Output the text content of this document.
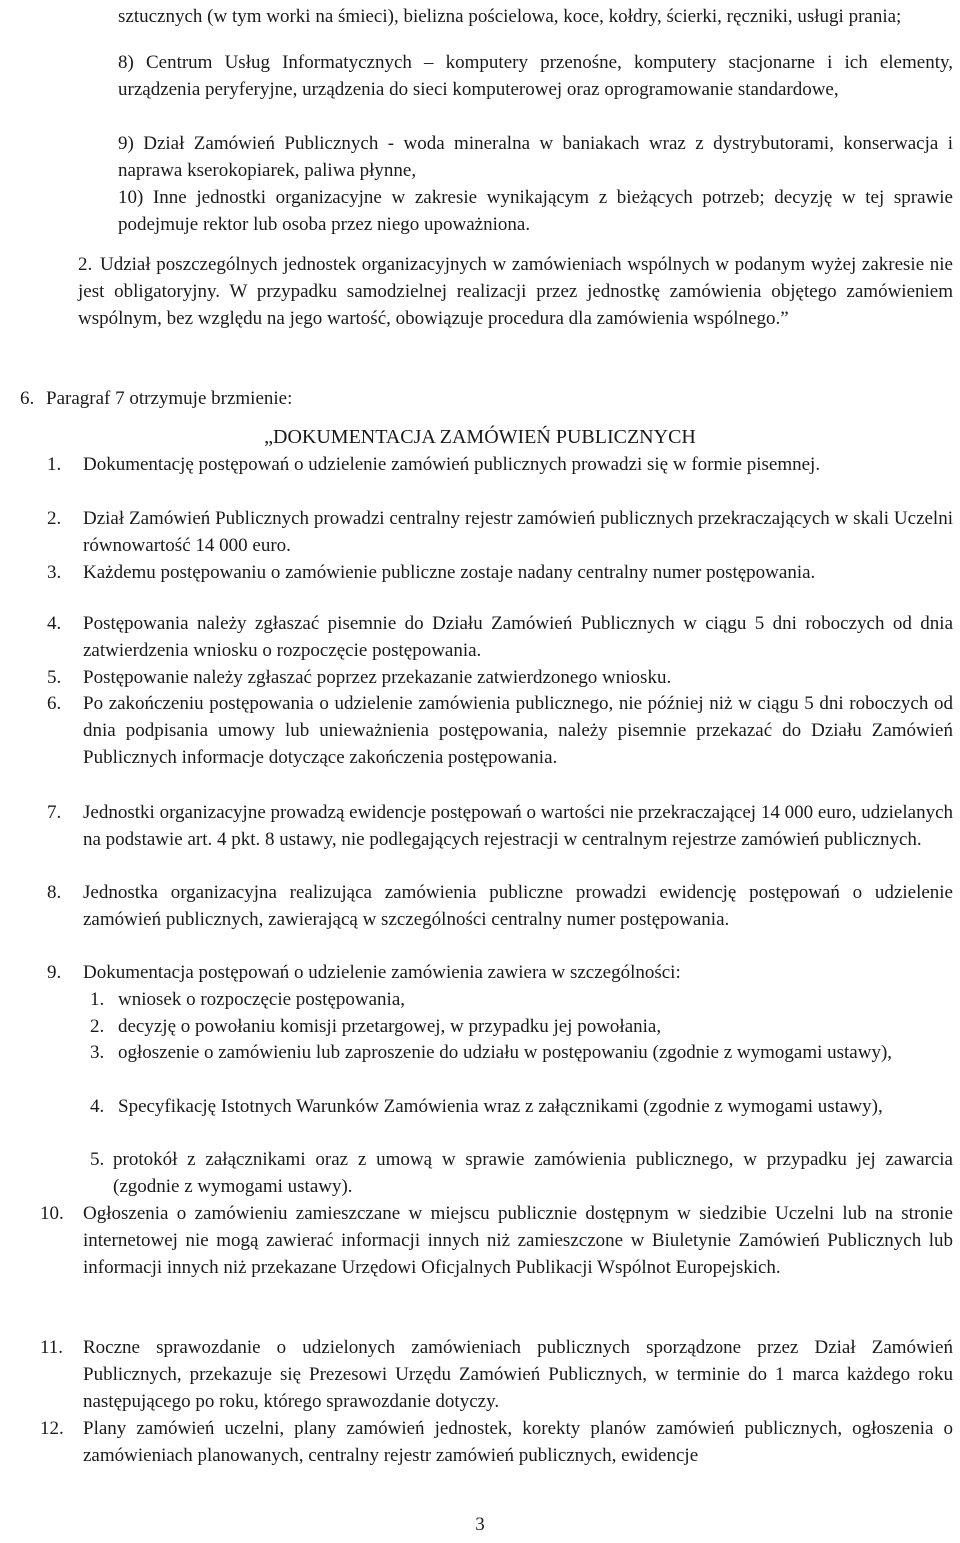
sztucznych (w tym worki na śmieci), bielizna pościelowa, koce, kołdry, ścierki, ręczniki, usługi prania;
8) Centrum Usług Informatycznych – komputery przenośne, komputery stacjonarne i ich elementy, urządzenia peryferyjne, urządzenia do sieci komputerowej oraz oprogramowanie standardowe,
9) Dział Zamówień Publicznych - woda mineralna w baniakach wraz z dystrybutorami, konserwacja i naprawa kserokopiarek, paliwa płynne,
10) Inne jednostki organizacyjne w zakresie wynikającym z bieżących potrzeb; decyzję w tej sprawie podejmuje rektor lub osoba przez niego upoważniona.
2. Udział poszczególnych jednostek organizacyjnych w zamówieniach wspólnych w podanym wyżej zakresie nie jest obligatoryjny. W przypadku samodzielnej realizacji przez jednostkę zamówienia objętego zamówieniem wspólnym, bez względu na jego wartość, obowiązuje procedura dla zamówienia wspólnego.”
6. Paragraf 7 otrzymuje brzmienie:
„DOKUMENTACJA ZAMÓWIEŃ PUBLICZNYCH
1. Dokumentację postępowań o udzielenie zamówień publicznych prowadzi się w formie pisemnej.
2. Dział Zamówień Publicznych prowadzi centralny rejestr zamówień publicznych przekraczających w skali Uczelni równowartość 14 000 euro.
3. Każdemu postępowaniu o zamówienie publiczne zostaje nadany centralny numer postępowania.
4. Postępowania należy zgłaszać pisemnie do Działu Zamówień Publicznych w ciągu 5 dni roboczych od dnia zatwierdzenia wniosku o rozpoczęcie postępowania.
5. Postępowanie należy zgłaszać poprzez przekazanie zatwierdzonego wniosku.
6. Po zakończeniu postępowania o udzielenie zamówienia publicznego, nie później niż w ciągu 5 dni roboczych od dnia podpisania umowy lub unieważnienia postępowania, należy pisemnie przekazać do Działu Zamówień Publicznych informacje dotyczące zakończenia postępowania.
7. Jednostki organizacyjne prowadzą ewidencje postępowań o wartości nie przekraczającej 14 000 euro, udzielanych na podstawie art. 4 pkt. 8 ustawy, nie podlegających rejestracji w centralnym rejestrze zamówień publicznych.
8. Jednostka organizacyjna realizująca zamówienia publiczne prowadzi ewidencję postępowań o udzielenie zamówień publicznych, zawierającą w szczególności centralny numer postępowania.
9. Dokumentacja postępowań o udzielenie zamówienia zawiera w szczególności:
1. wniosek o rozpoczęcie postępowania,
2. decyzję o powołaniu komisji przetargowej, w przypadku jej powołania,
3. ogłoszenie o zamówieniu lub zaproszenie do udziału w postępowaniu (zgodnie z wymogami ustawy),
4. Specyfikację Istotnych Warunków Zamówienia wraz z załącznikami (zgodnie z wymogami ustawy),
5. protokół z załącznikami oraz z umową w sprawie zamówienia publicznego, w przypadku jej zawarcia (zgodnie z wymogami ustawy).
10. Ogłoszenia o zamówieniu zamieszczane w miejscu publicznie dostępnym w siedzibie Uczelni lub na stronie internetowej nie mogą zawierać informacji innych niż zamieszczone w Biuletynie Zamówień Publicznych lub informacji innych niż przekazane Urzędowi Oficjalnych Publikacji Wspólnot Europejskich.
11. Roczne sprawozdanie o udzielonych zamówieniach publicznych sporządzone przez Dział Zamówień Publicznych, przekazuje się Prezesowi Urzędu Zamówień Publicznych, w terminie do 1 marca każdego roku następującego po roku, którego sprawozdanie dotyczy.
12. Plany zamówień uczelni, plany zamówień jednostek, korekty planów zamówień publicznych, ogłoszenia o zamówieniach planowanych, centralny rejestr zamówień publicznych, ewidencje
3
